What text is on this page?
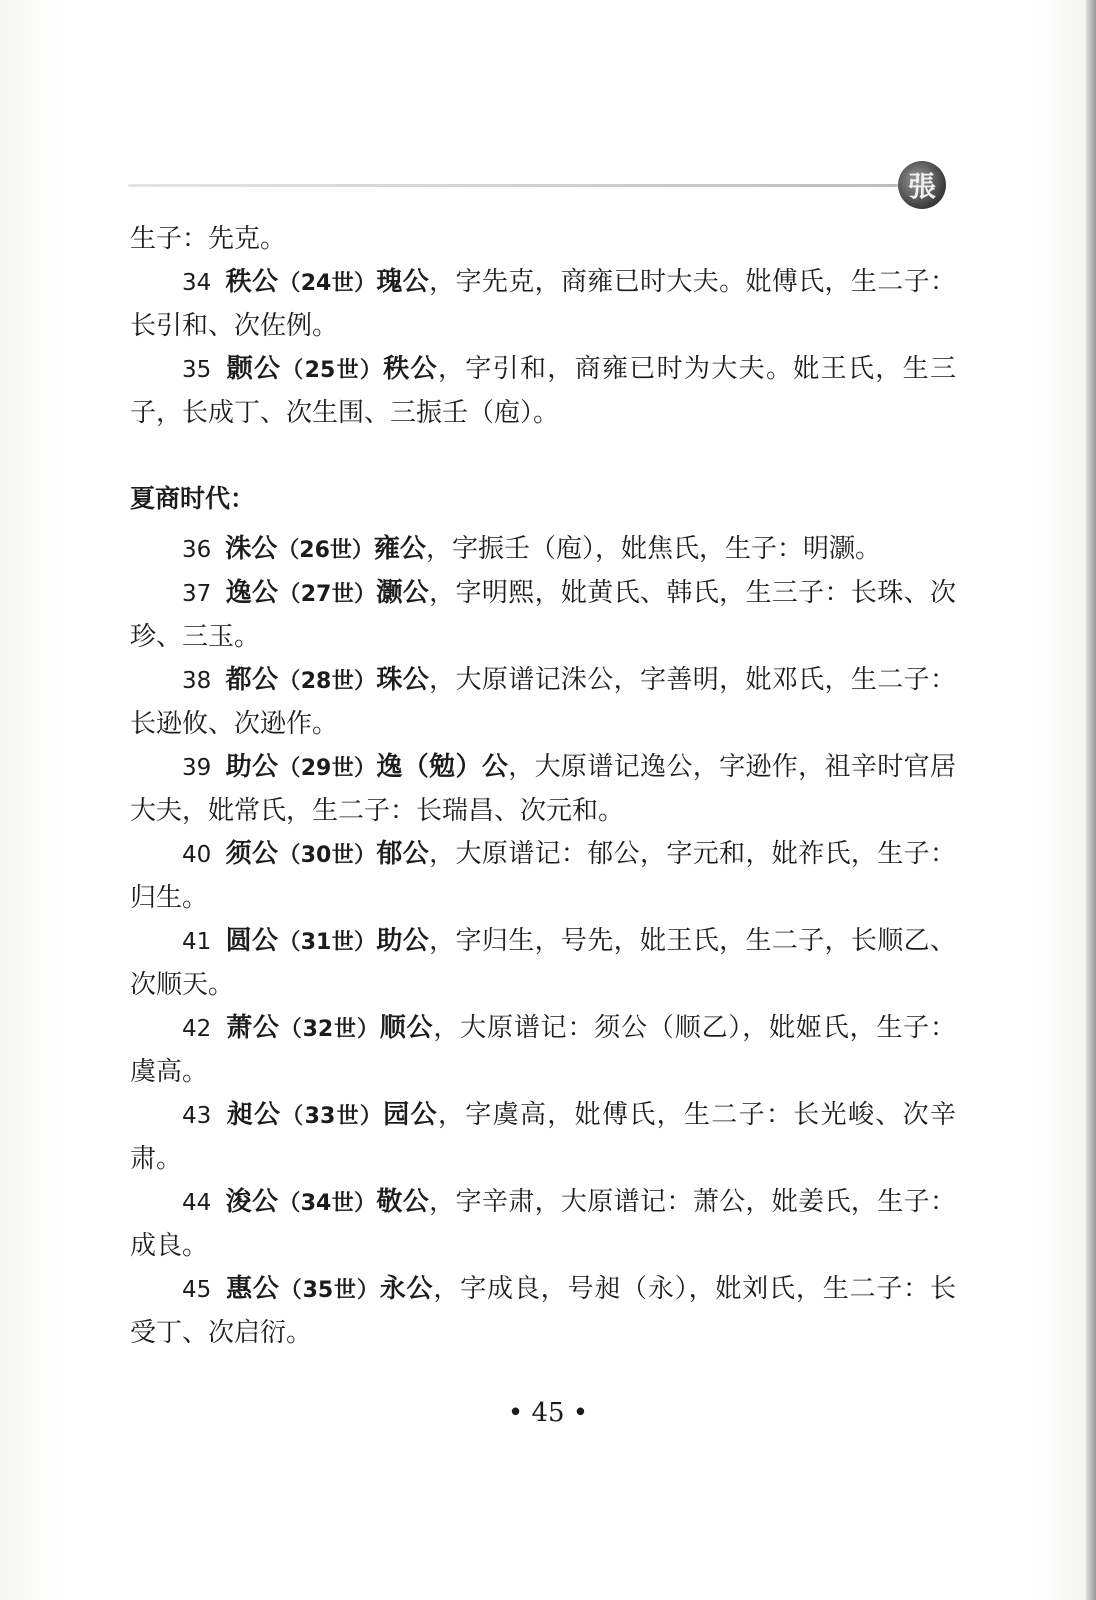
張

生子：先克。

34 秩公（24世）瑰公，字先克，商雍已时大夫。妣傅氏，生二子：长引和、次佐例。

35 颢公（25世）秩公，字引和，商雍已时为大夫。妣王氏，生三子，长成丁、次生围、三振壬（庖）。

夏商时代：

36 洙公（26世）雍公，字振壬（庖），妣焦氏，生子：明灏。

37 逸公（27世）灏公，字明熙，妣黄氏、韩氏，生三子：长珠、次珍、三玉。

38 都公（28世）珠公，大原谱记洙公，字善明，妣邓氏，生二子：长逊攸、次逊作。

39 助公（29世）逸（勉）公，大原谱记逸公，字逊作，祖辛时官居大夫，妣常氏，生二子：长瑞昌、次元和。

40 须公（30世）郁公，大原谱记：郁公，字元和，妣祚氏，生子：归生。

41 圆公（31世）助公，字归生，号先，妣王氏，生二子，长顺乙、次顺天。

42 萧公（32世）顺公，大原谱记：须公（顺乙），妣姬氏，生子：虞高。

43 昶公（33世）园公，字虞高，妣傅氏，生二子：长光峻、次辛肃。

44 浚公（34世）敬公，字辛肃，大原谱记：萧公，妣姜氏，生子：成良。

45 惠公（35世）永公，字成良，号昶（永），妣刘氏，生二子：长受丁、次启衍。

• 45 •
